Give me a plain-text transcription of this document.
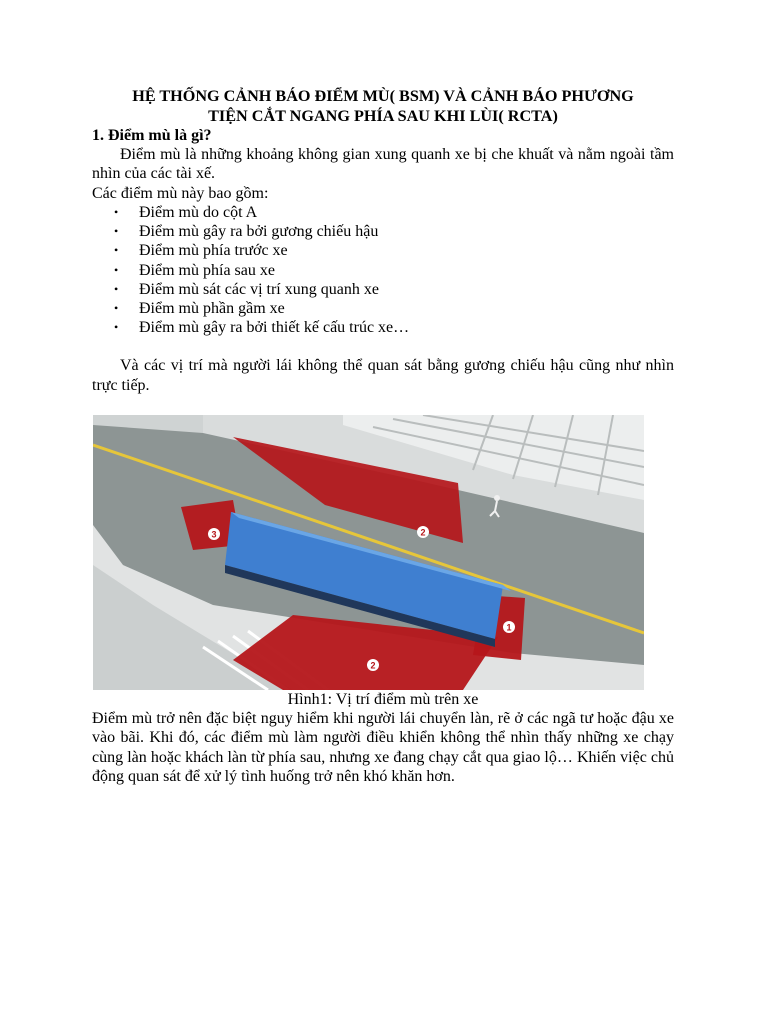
HỆ THỐNG CẢNH BÁO ĐIỂM MÙ( BSM) VÀ CẢNH BÁO PHƯƠNG
TIỆN CẮT NGANG PHÍA SAU KHI LÙI( RCTA)
1. Điểm mù là gì?

Điểm mù là những khoảng không gian xung quanh xe bị che khuất và nằm ngoài tầm nhìn của các tài xế.

Các điểm mù này bao gồm:

• Điểm mù do cột A
• Điểm mù gây ra bởi gương chiếu hậu
• Điểm mù phía trước xe
• Điểm mù phía sau xe
• Điểm mù sát các vị trí xung quanh xe
• Điểm mù phần gầm xe
• Điểm mù gây ra bởi thiết kế cấu trúc xe…

Và các vị trí mà người lái không thể quan sát bằng gương chiếu hậu cũng như nhìn trực tiếp.

3	2
1
2
Hình1: Vị trí điểm mù trên xe

Điểm mù trở nên đặc biệt nguy hiểm khi người lái chuyển làn, rẽ ở các ngã tư hoặc đậu xe vào bãi. Khi đó, các điểm mù làm người điều khiển không thể nhìn thấy những xe chạy cùng làn hoặc khách làn từ phía sau, nhưng xe đang chạy cắt qua giao lộ… Khiến việc chủ động quan sát để xử lý tình huống trở nên khó khăn hơn.
